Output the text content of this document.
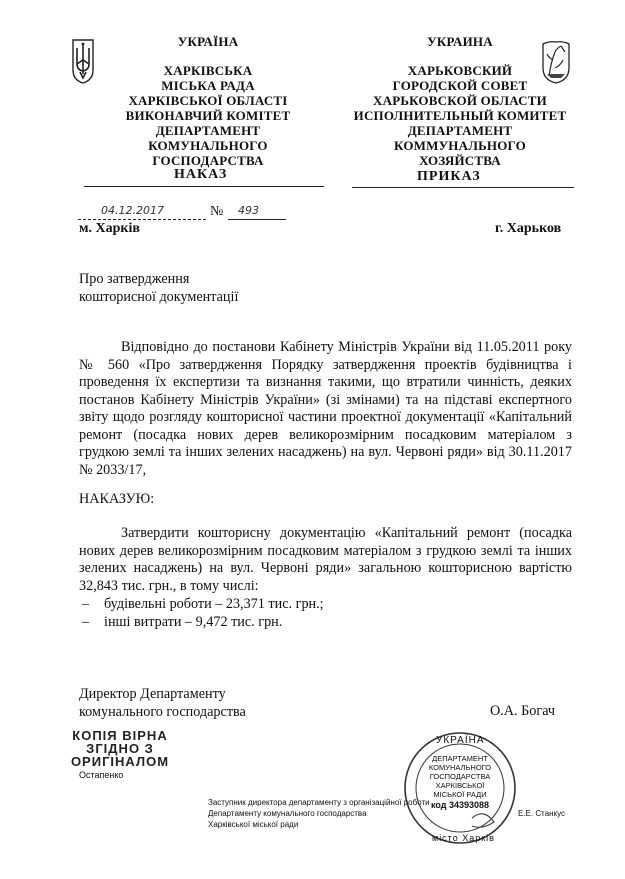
УКРАЇНА
ХАРКІВСЬКА
МІСЬКА РАДА
ХАРКІВСЬКОЇ ОБЛАСТІ
ВИКОНАВЧИЙ КОМІТЕТ
ДЕПАРТАМЕНТ
КОМУНАЛЬНОГО ГОСПОДАРСТВА
УКРАИНА
ХАРЬКОВСКИЙ
ГОРОДСКОЙ СОВЕТ
ХАРЬКОВСКОЙ ОБЛАСТИ
ИСПОЛНИТЕЛЬНЫЙ КОМИТЕТ
ДЕПАРТАМЕНТ
КОММУНАЛЬНОГО ХОЗЯЙСТВА
НАКАЗ	ПРИКАЗ
04.12.2017	№ 493
м. Харків	г. Харьков
Про затвердження
кошторисної документації
Відповідно до постанови Кабінету Міністрів України від 11.05.2011 року № 560 «Про затвердження Порядку затвердження проектів будівництва і проведення їх експертизи та визнання такими, що втратили чинність, деяких постанов Кабінету Міністрів України» (зі змінами) та на підставі експертного звіту щодо розгляду кошторисної частини проектної документації «Капітальний ремонт (посадка нових дерев великорозмірним посадковим матеріалом з грудкою землі та інших зелених насаджень) на вул. Червоні ряди» від 30.11.2017 № 2033/17,
НАКАЗУЮ:
Затвердити кошторисну документацію «Капітальний ремонт (посадка нових дерев великорозмірним посадковим матеріалом з грудкою землі та інших зелених насаджень) на вул. Червоні ряди» загальною кошторисною вартістю 32,843 тис. грн., в тому числі:
– будівельні роботи – 23,371 тис. грн.;
– інші витрати – 9,472 тис. грн.
Директор Департаменту
комунального господарства	О.А. Богач
КОПІЯ ВІРНА
ЗГІДНО З
ОРИГІНАЛОМ
Остапенко
Заступник директора департаменту з організаційної роботи
Департаменту комунального господарства
Харківської міської ради
Е.Е. Станкус
УКРАЇНА
ДЕПАРТАМЕНТ
КОМУНАЛЬНОГО
ГОСПОДАРСТВА
ХАРКІВСЬКОЇ
МІСЬКОЇ РАДИ
код 34393088
місто Харків
